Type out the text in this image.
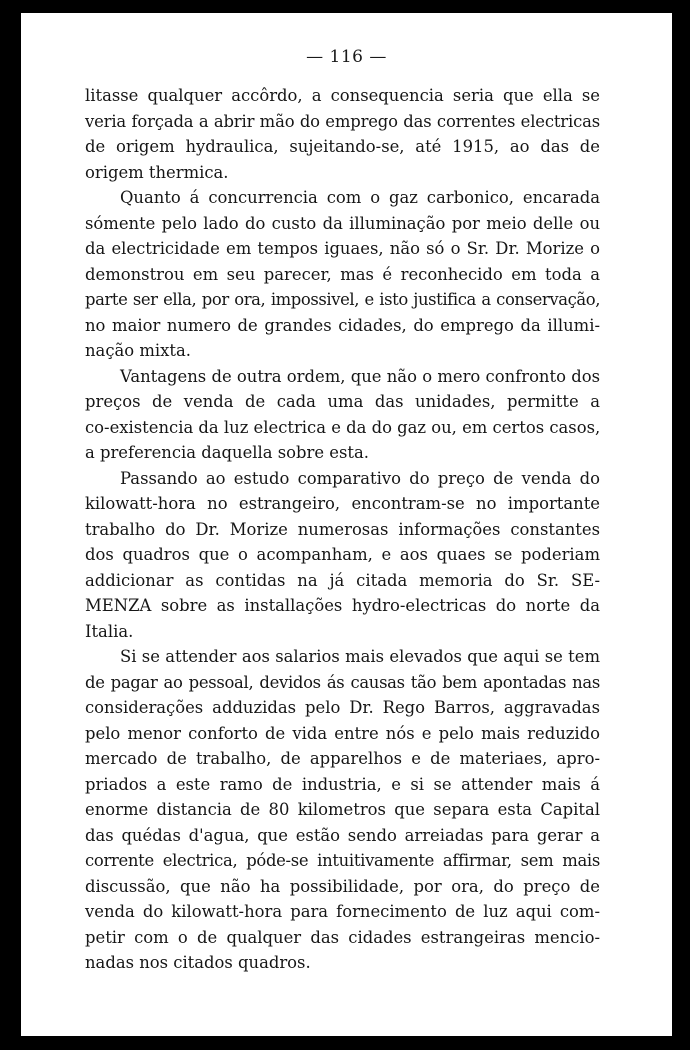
— 116 —

litasse qualquer accôrdo, a consequencia seria que ella se
veria forçada a abrir mão do emprego das correntes electricas
de origem hydraulica, sujeitando-se, até 1915, ao das de
origem thermica.

Quanto á concurrencia com o gaz carbonico, encarada
sómente pelo lado do custo da illuminação por meio delle ou
da electricidade em tempos iguaes, não só o Sr. Dr. Morize o
demonstrou em seu parecer, mas é reconhecido em toda a
parte ser ella, por ora, impossivel, e isto justifica a conservação,
no maior numero de grandes cidades, do emprego da illumi-
nação mixta.

Vantagens de outra ordem, que não o mero confronto dos
preços de venda de cada uma das unidades, permitte a
co-existencia da luz electrica e da do gaz ou, em certos casos,
a preferencia daquella sobre esta.

Passando ao estudo comparativo do preço de venda do
kilowatt-hora no estrangeiro, encontram-se no importante
trabalho do Dr. Morize numerosas informações constantes
dos quadros que o acompanham, e aos quaes se poderiam
addicionar as contidas na já citada memoria do Sr. SE-
MENZA sobre as installações hydro-electricas do norte da
Italia.

Si se attender aos salarios mais elevados que aqui se tem
de pagar ao pessoal, devidos ás causas tão bem apontadas nas
considerações adduzidas pelo Dr. Rego Barros, aggravadas
pelo menor conforto de vida entre nós e pelo mais reduzido
mercado de trabalho, de apparelhos e de materiaes, apro-
priados a este ramo de industria, e si se attender mais á
enorme distancia de 80 kilometros que separa esta Capital
das quédas d'agua, que estão sendo arreiadas para gerar a
corrente electrica, póde-se intuitivamente affirmar, sem mais
discussão, que não ha possibilidade, por ora, do preço de
venda do kilowatt-hora para fornecimento de luz aqui com-
petir com o de qualquer das cidades estrangeiras mencio-
nadas nos citados quadros.
